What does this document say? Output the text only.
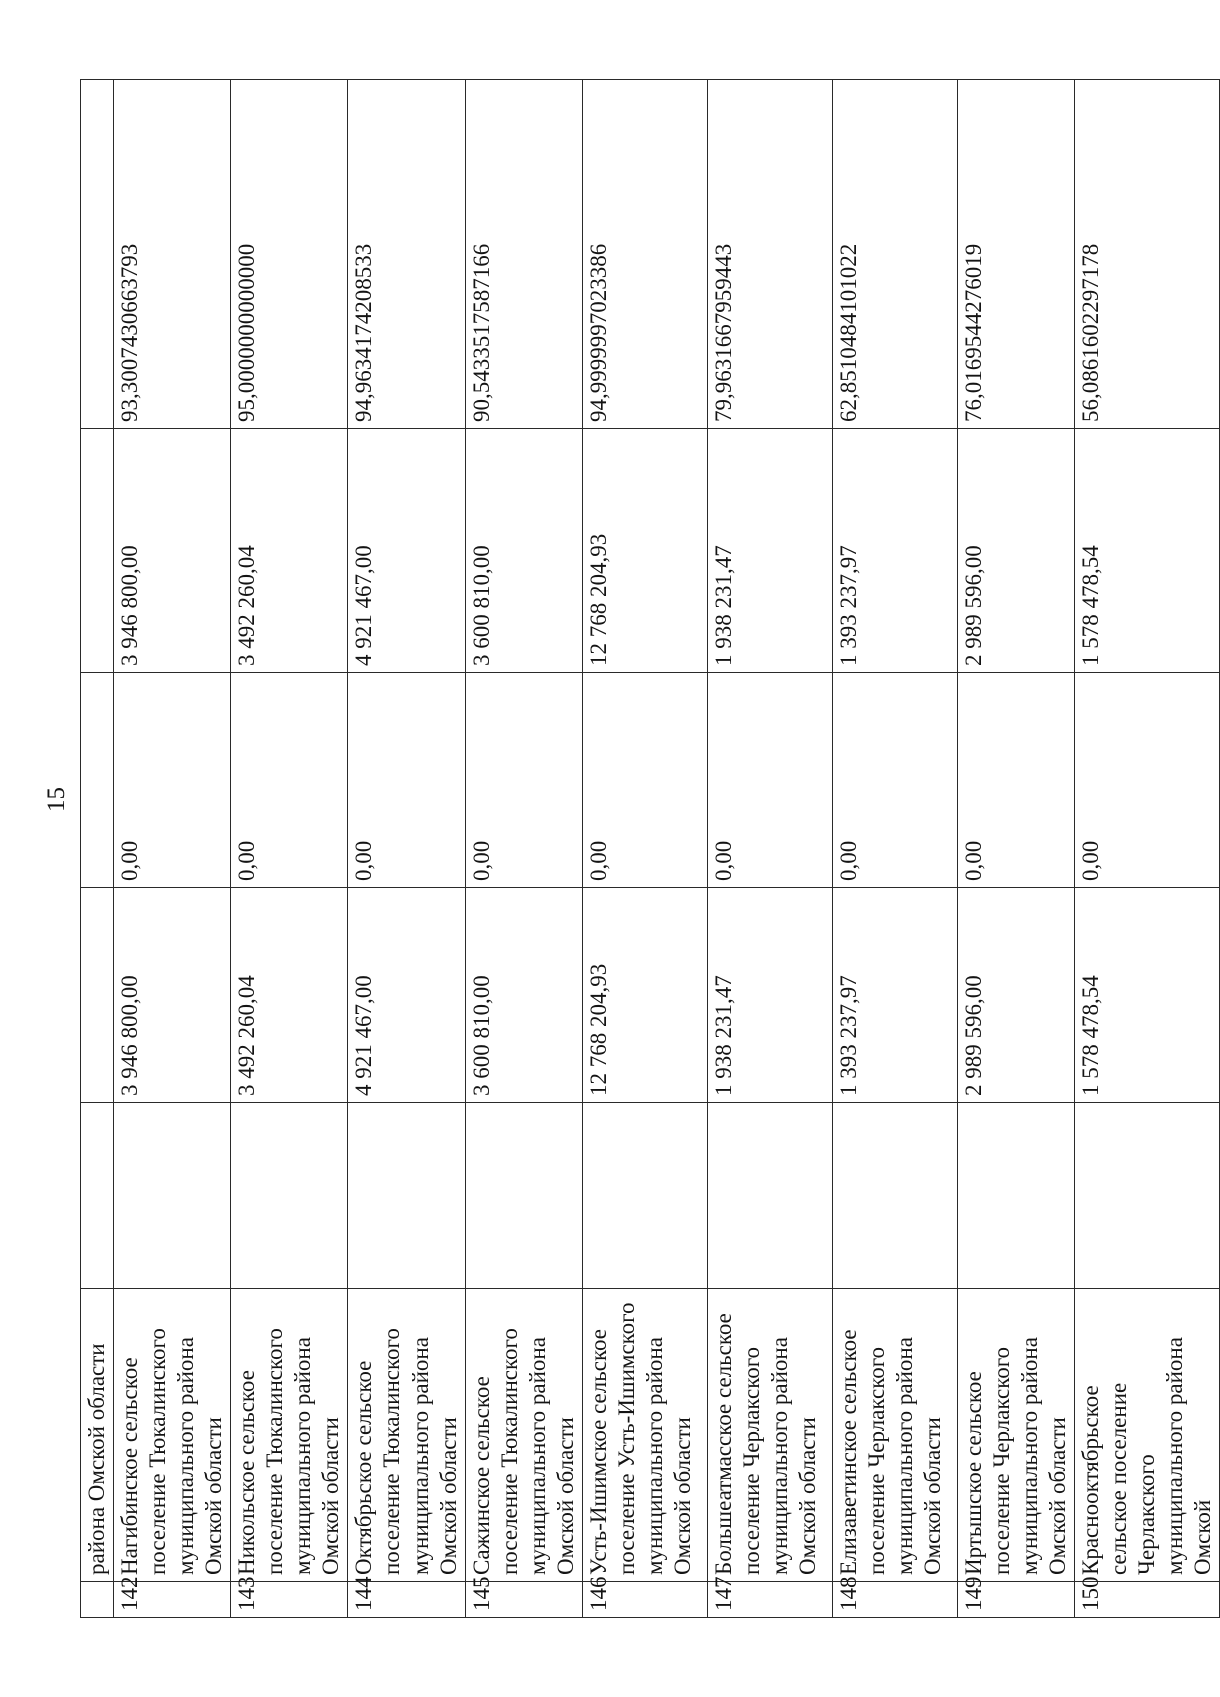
15
	района Омской области					
142	Нагибинское сельское поселение Тюкалинского муниципального района Омской области		3 946 800,00	0,00	3 946 800,00	93,3007430663793
143	Никольское сельское поселение Тюкалинского муниципального района Омской области		3 492 260,04	0,00	3 492 260,04	95,0000000000000
144	Октябрьское сельское поселение Тюкалинского муниципального района Омской области		4 921 467,00	0,00	4 921 467,00	94,9634174208533
145	Сажинское сельское поселение Тюкалинского муниципального района Омской области		3 600 810,00	0,00	3 600 810,00	90,5433517587166
146	Усть-Ишимское сельское поселение Усть-Ишимского муниципального района Омской области		12 768 204,93	0,00	12 768 204,93	94,9999997023386
147	Большеатмасское сельское поселение Черлакского муниципального района Омской области		1 938 231,47	0,00	1 938 231,47	79,9631667959443
148	Елизаветинское сельское поселение Черлакского муниципального района Омской области		1 393 237,97	0,00	1 393 237,97	62,8510484101022
149	Иртышское сельское поселение Черлакского муниципального района Омской области		2 989 596,00	0,00	2 989 596,00	76,0169544276019
150	Краснооктябрьское сельское поселение Черлакского муниципального района Омской		1 578 478,54	0,00	1 578 478,54	56,0861602297178
